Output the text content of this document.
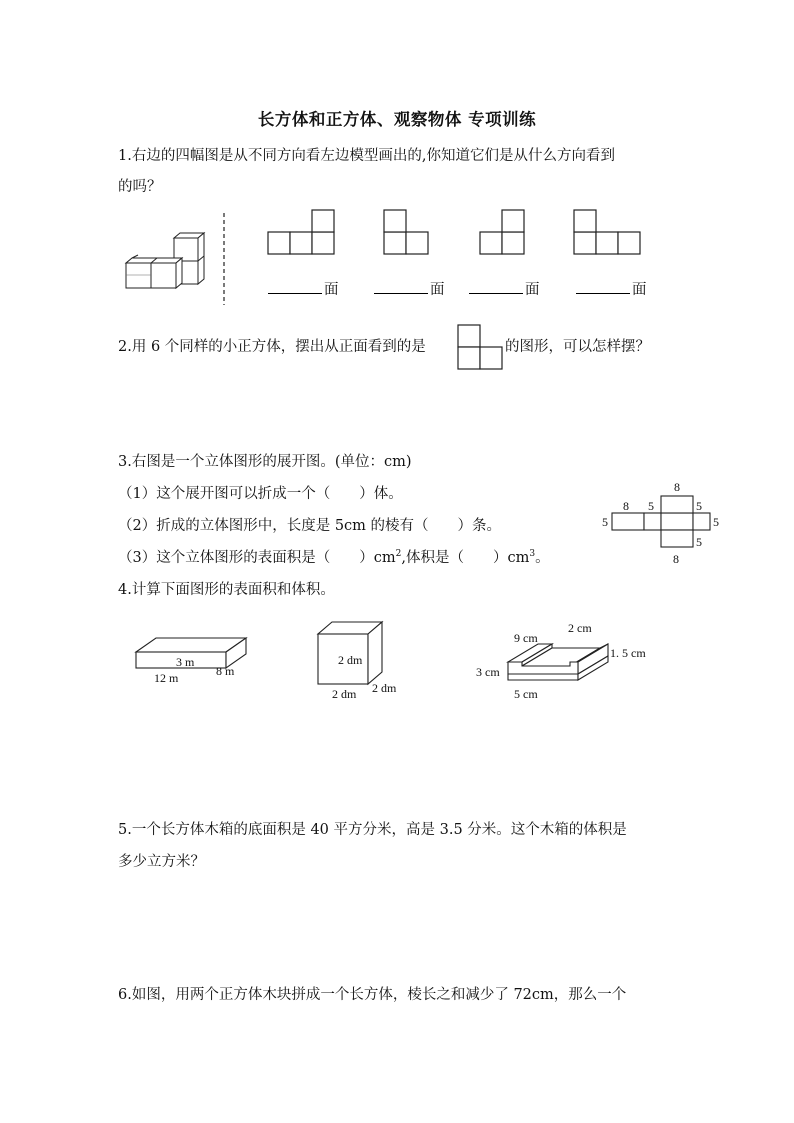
长方体和正方体、观察物体 专项训练
1.右边的四幅图是从不同方向看左边模型画出的,你知道它们是从什么方向看到
的吗？
面	面	面	面
2.用 6 个同样的小正方体，摆出从正面看到的是	的图形，可以怎样摆？
3.右图是一个立体图形的展开图。(单位：cm)
（1）这个展开图可以折成一个（　　）体。
（2）折成的立体图形中，长度是 5cm 的棱有（　　）条。
（3）这个立体图形的表面积是（　　）$cm^2$,体积是（　　）$cm^3$。
8
8 5	5
5	5
5
8
4.计算下面图形的表面积和体积。
3 m
8 m
12 m
2 dm
2 dm 2 dm
9 cm
2 cm
1. 5 cm
3 cm
5 cm
5.一个长方体木箱的底面积是 40 平方分米，高是 3.5 分米。这个木箱的体积是
多少立方米？
6.如图，用两个正方体木块拼成一个长方体，棱长之和减少了 72cm，那么一个
